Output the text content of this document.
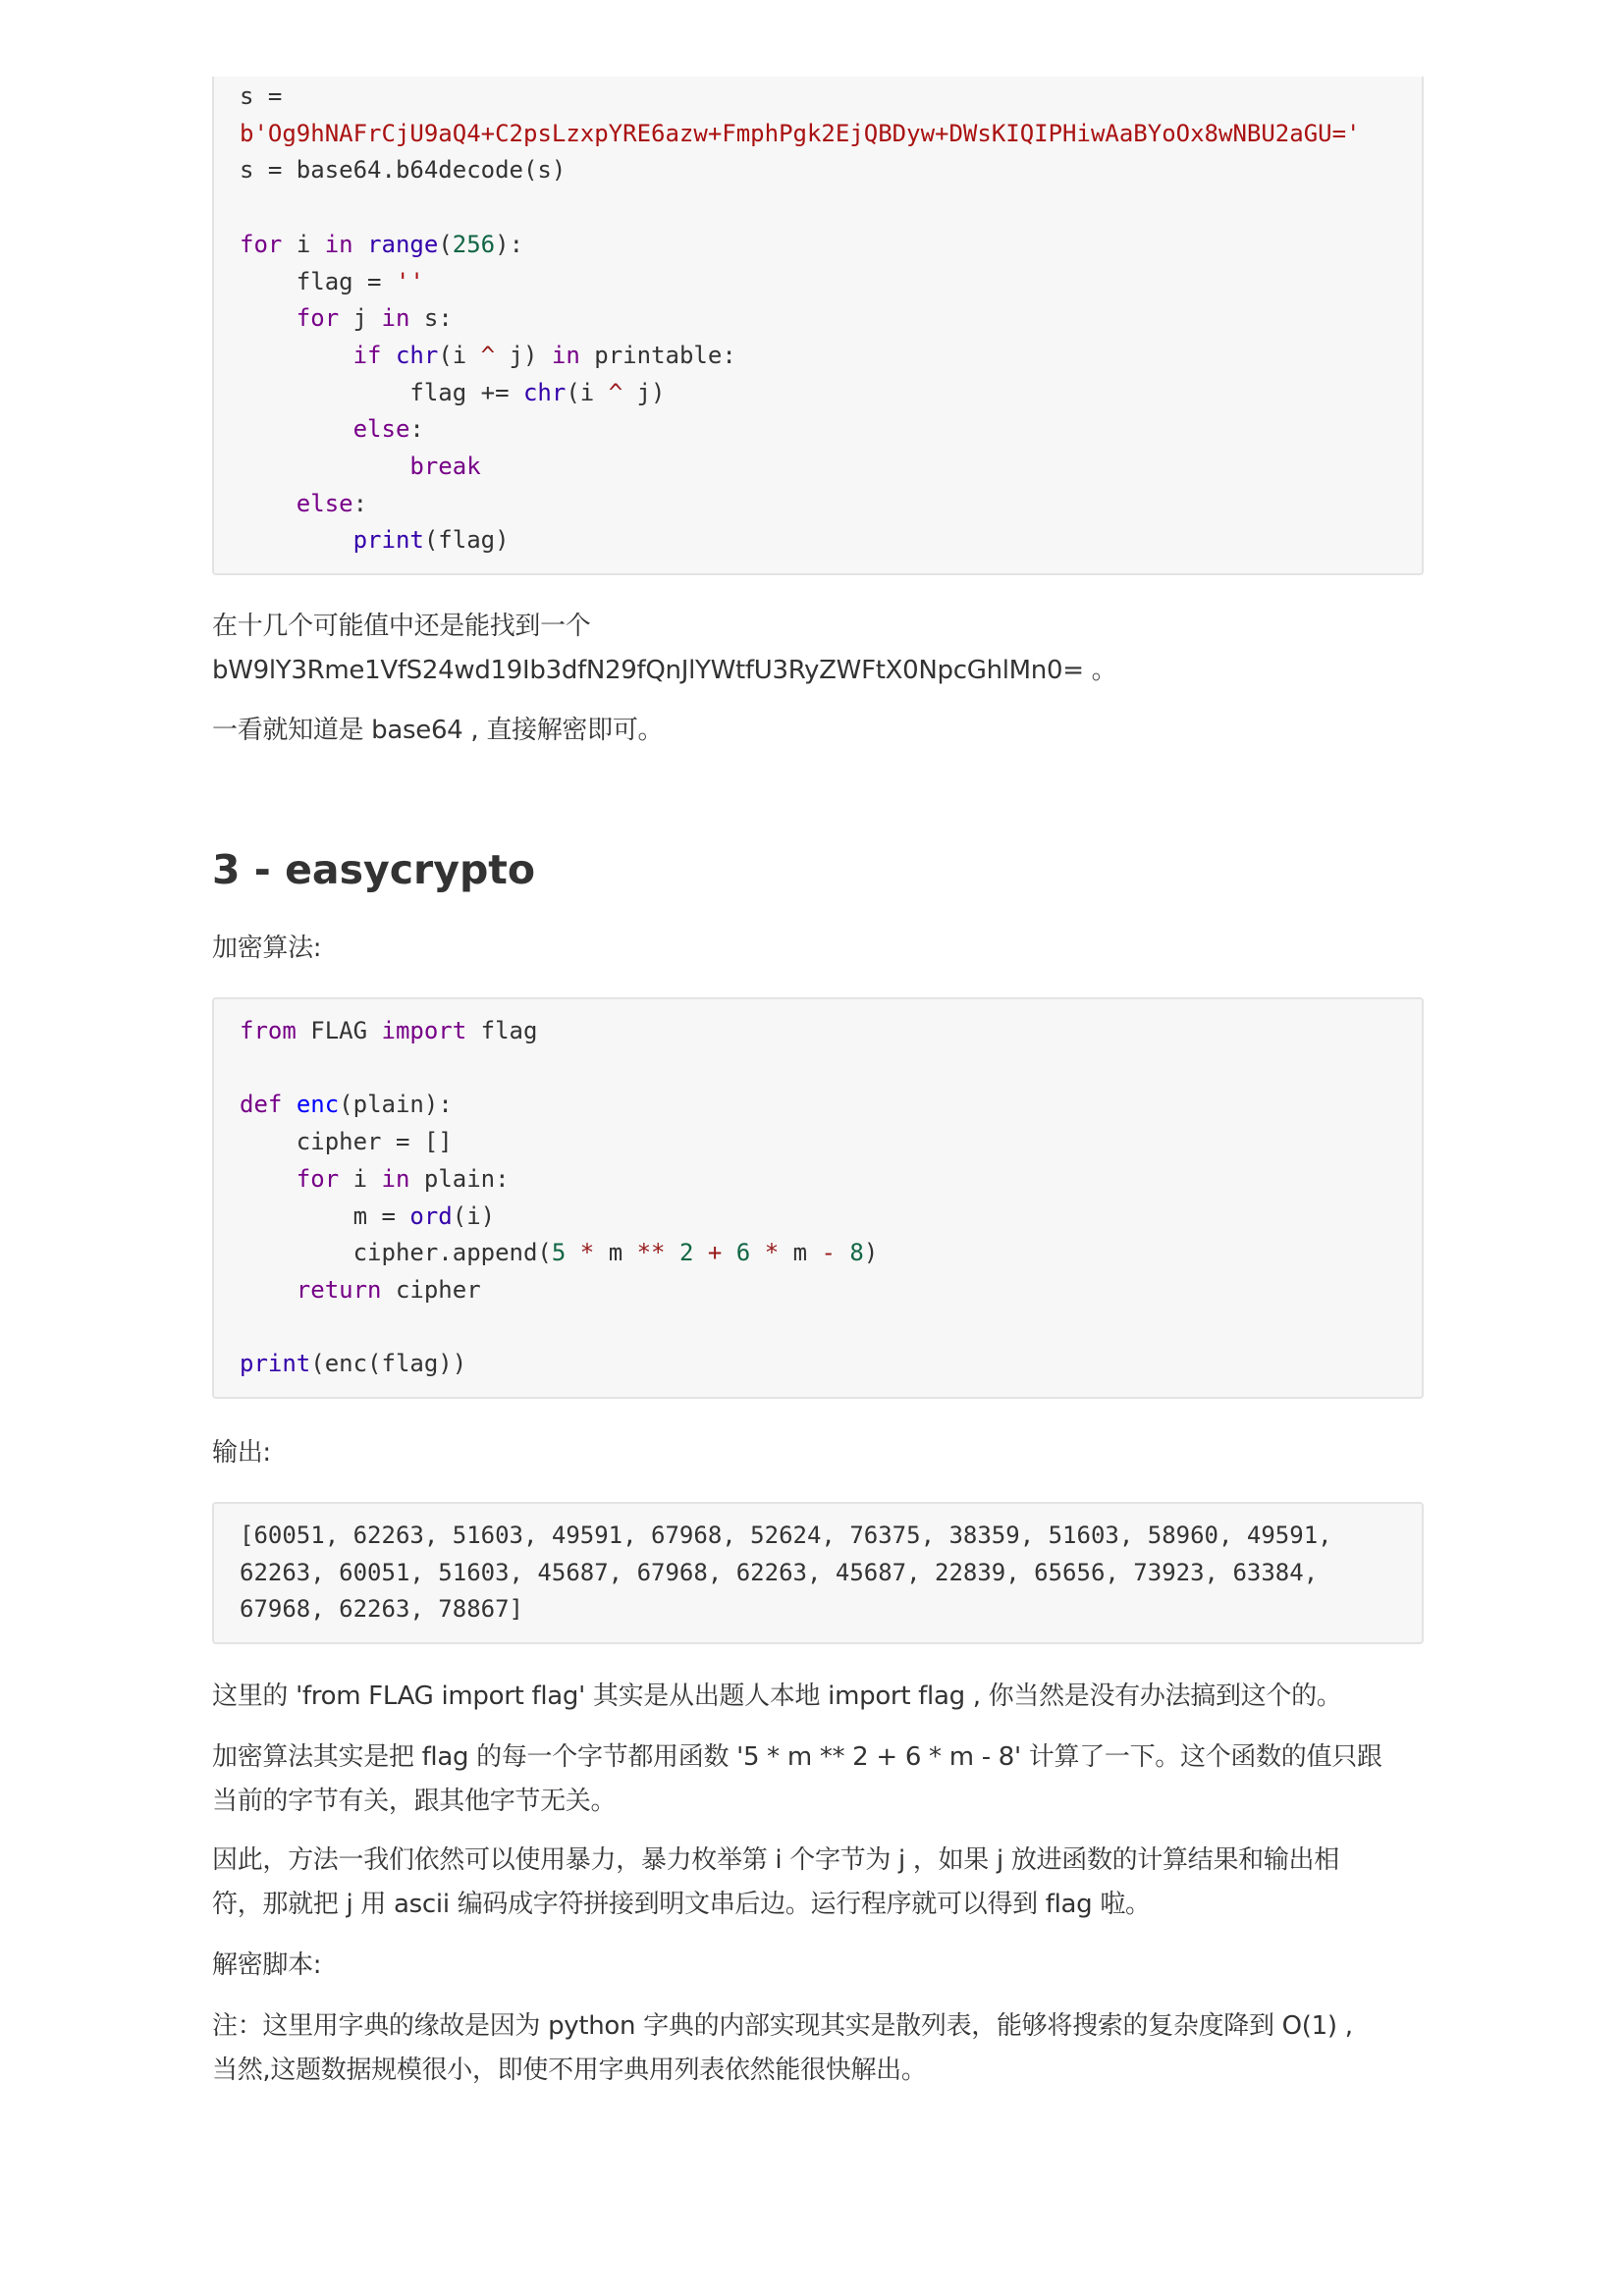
s =
b'Og9hNAFrCjU9aQ4+C2psLzxpYRE6azw+FmphPgk2EjQBDyw+DWsKIQIPHiwAaBYoOx8wNBU2aGU='
s = base64.b64decode(s)

for i in range(256):
flag = ''
for j in s:
if chr(i ^ j) in printable:
flag += chr(i ^ j)
else:
break
else:
print(flag)

在十几个可能值中还是能找到一个
bW9lY3Rme1VfS24wd19Ib3dfN29fQnJlYWtfU3RyZWFtX0NpcGhlMn0= 。

一看就知道是 base64 , 直接解密即可。

3 - easycrypto

加密算法:

from FLAG import flag

def enc(plain):
cipher = []
for i in plain:
m = ord(i)
cipher.append(5 * m ** 2 + 6 * m - 8)
return cipher

print(enc(flag))

输出:

[60051, 62263, 51603, 49591, 67968, 52624, 76375, 38359, 51603, 58960, 49591,
62263, 60051, 51603, 45687, 67968, 62263, 45687, 22839, 65656, 73923, 63384,
67968, 62263, 78867]

这里的 'from FLAG import flag' 其实是从出题人本地 import flag , 你当然是没有办法搞到这个的。

加密算法其实是把 flag 的每一个字节都用函数 '5 * m ** 2 + 6 * m - 8' 计算了一下。这个函数的值只跟
当前的字节有关，跟其他字节无关。

因此，方法一我们依然可以使用暴力，暴力枚举第 i 个字节为 j ，如果 j 放进函数的计算结果和输出相
符，那就把 j 用 ascii 编码成字符拼接到明文串后边。运行程序就可以得到 flag 啦。

解密脚本:

注：这里用字典的缘故是因为 python 字典的内部实现其实是散列表，能够将搜索的复杂度降到 O(1) ,
当然,这题数据规模很小，即使不用字典用列表依然能很快解出。
